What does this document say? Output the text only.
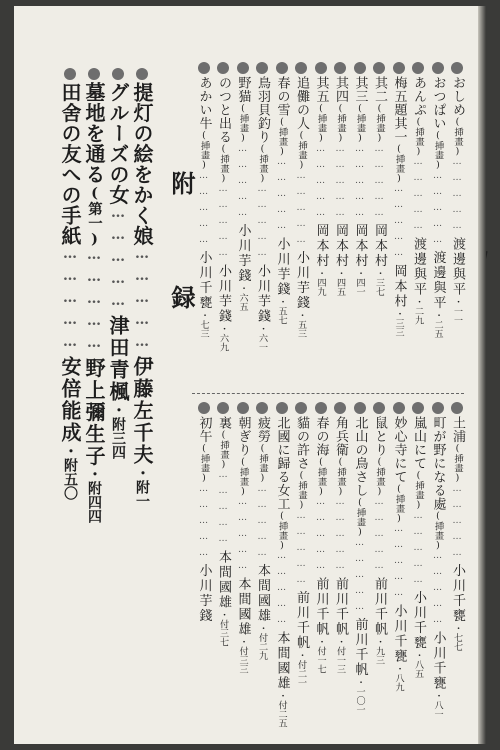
附録
おしめ(挿畫)……………渡邊與平・一一
おつぱい(挿畫)……………渡邊與平・二五
あんぷ(挿畫)……………渡邊與平・二九
梅五題其一(挿畫)……………岡本村・三三
其二(挿畫)……………岡本村・三七
其三(挿畫)……………岡本村・四一
其四(挿畫)……………岡本村・四五
其五(挿畫)……………岡本村・四九
追儺の人(挿畫)……………小川芋錢・五三
春の雪(挿畫)……………小川芋錢・五七
鳥羽貝釣り(挿畫)……………小川芋錢・六一
野猫(挿畫)……………小川芋錢・六五
のつと出る(挿畫)……………小川芋錢・六九
あかい牛(挿畫)……………小川千甕・七三
土浦(挿畫)……………小川千甕・七七
町が野になる處(挿畫)……………小川千甕・八一
嵐山にて(挿畫)……………小川千甕・八五
妙心寺にて(挿畫)……………小川千甕・八九
鼠とり(挿畫)……………前川千帆・九三
北山の鳥さし(挿畫)……………前川千帆・一〇一
角兵衛(挿畫)……………前川千帆・付一三
春の海(挿畫)……………前川千帆・付一七
貓の許さ(挿畫)……………前川千帆・付二一
北國に歸る女工(挿畫)……………本間國雄・付二五
疲勞(挿畫)……………本間國雄・付二九
朝ぎり(挿畫)……………本間國雄・付三三
裏(挿畫)……………本間國雄・付三七
初午(挿畫)……………小川芋錢
提灯の絵をかく娘……………伊藤左千夫・附一
グルーズの女……………津田青楓・附三四
墓地を通る(第一)……………野上彌生子・附四四
田舍の友への手紙……………安倍能成・附五〇
